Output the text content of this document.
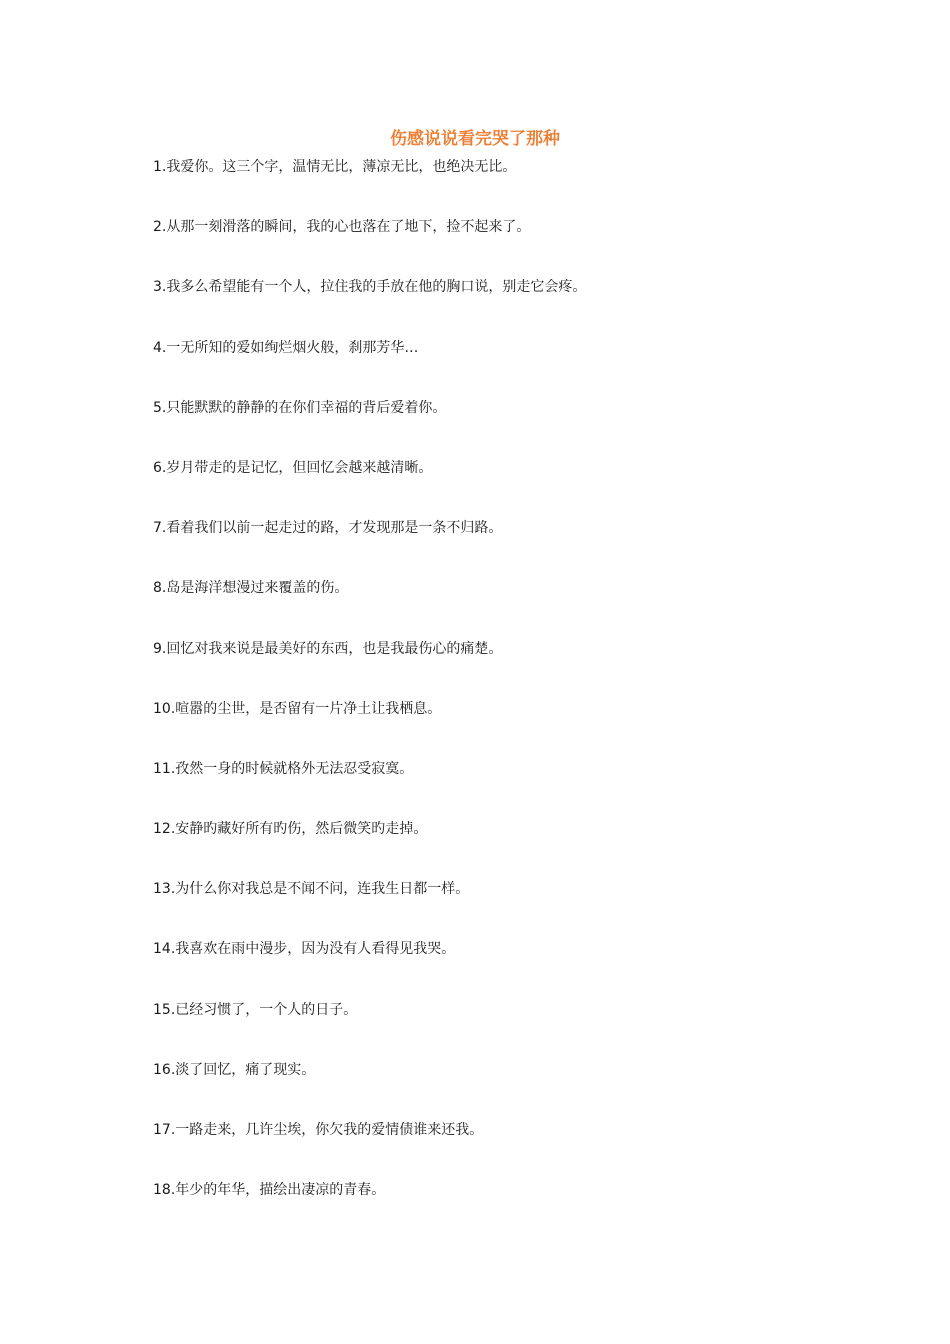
伤感说说看完哭了那种
1.我爱你。这三个字，温情无比，薄凉无比，也绝决无比。
2.从那一刻滑落的瞬间，我的心也落在了地下，捡不起来了。
3.我多么希望能有一个人，拉住我的手放在他的胸口说，别走它会疼。
4.一无所知的爱如绚烂烟火般，刹那芳华…
5.只能默默的静静的在你们幸福的背后爱着你。
6.岁月带走的是记忆，但回忆会越来越清晰。
7.看着我们以前一起走过的路，才发现那是一条不归路。
8.岛是海洋想漫过来覆盖的伤。
9.回忆对我来说是最美好的东西，也是我最伤心的痛楚。
10.喧嚣的尘世，是否留有一片净土让我栖息。
11.孜然一身的时候就格外无法忍受寂寞。
12.安静旳藏好所有旳伤，然后微笑旳走掉。
13.为什么你对我总是不闻不问，连我生日都一样。
14.我喜欢在雨中漫步，因为没有人看得见我哭。
15.已经习惯了，一个人的日子。
16.淡了回忆，痛了现实。
17.一路走来，几许尘埃，你欠我的爱情债谁来还我。
18.年少的年华，描绘出凄凉的青春。
